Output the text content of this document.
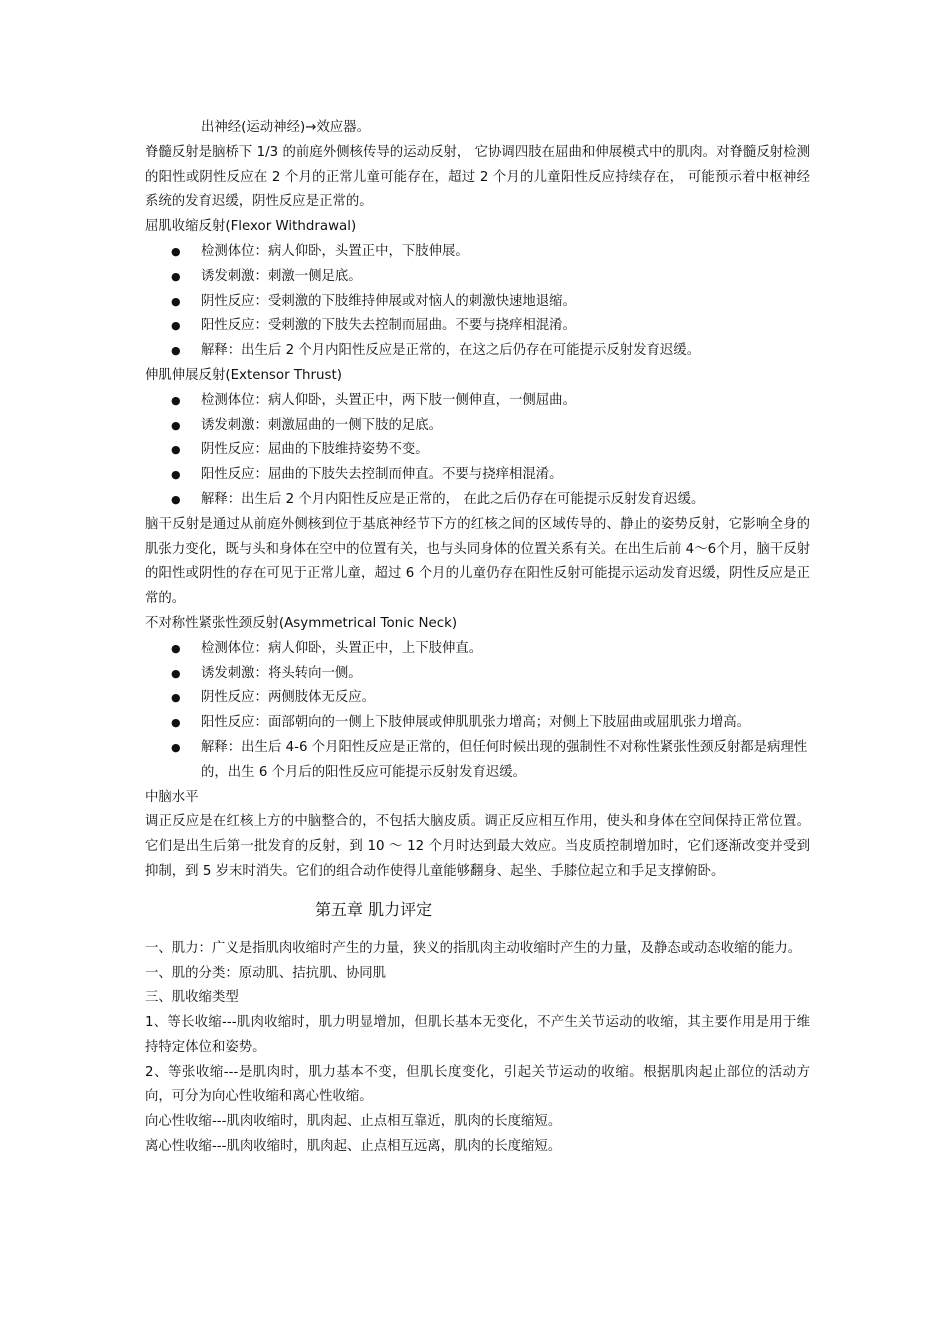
出神经(运动神经)→效应器。

脊髓反射是脑桥下 1/3 的前庭外侧核传导的运动反射， 它协调四肢在屈曲和伸展模式中的肌肉。对脊髓反射检测的阳性或阴性反应在 2 个月的正常儿童可能存在，超过 2 个月的儿童阳性反应持续存在， 可能预示着中枢神经系统的发育迟缓，阴性反应是正常的。

屈肌收缩反射(Flexor Withdrawal)

● 检测体位：病人仰卧，头置正中，下肢伸展。
● 诱发刺激：刺激一侧足底。
● 阴性反应：受刺激的下肢维持伸展或对恼人的刺激快速地退缩。
● 阳性反应：受刺激的下肢失去控制而屈曲。不要与挠痒相混淆。
● 解释：出生后 2 个月内阳性反应是正常的，在这之后仍存在可能提示反射发育迟缓。

伸肌伸展反射(Extensor Thrust)

● 检测体位：病人仰卧，头置正中，两下肢一侧伸直，一侧屈曲。
● 诱发刺激：刺激屈曲的一侧下肢的足底。
● 阴性反应：屈曲的下肢维持姿势不变。
● 阳性反应：屈曲的下肢失去控制而伸直。不要与挠痒相混淆。
● 解释：出生后 2 个月内阳性反应是正常的， 在此之后仍存在可能提示反射发育迟缓。

脑干反射是通过从前庭外侧核到位于基底神经节下方的红核之间的区域传导的、静止的姿势反射，它影响全身的肌张力变化，既与头和身体在空中的位置有关，也与头同身体的位置关系有关。在出生后前 4～6个月，脑干反射的阳性或阴性的存在可见于正常儿童，超过 6 个月的儿童仍存在阳性反射可能提示运动发育迟缓，阴性反应是正常的。

不对称性紧张性颈反射(Asymmetrical Tonic Neck)

● 检测体位：病人仰卧，头置正中，上下肢伸直。
● 诱发刺激：将头转向一侧。
● 阴性反应：两侧肢体无反应。
● 阳性反应：面部朝向的一侧上下肢伸展或伸肌肌张力增高；对侧上下肢屈曲或屈肌张力增高。
● 解释：出生后 4-6 个月阳性反应是正常的，但任何时候出现的强制性不对称性紧张性颈反射都是病理性的，出生 6 个月后的阳性反应可能提示反射发育迟缓。

中脑水平

调正反应是在红核上方的中脑整合的，不包括大脑皮质。调正反应相互作用，使头和身体在空间保持正常位置。它们是出生后第一批发育的反射，到 10 ～ 12 个月时达到最大效应。当皮质控制增加时，它们逐渐改变并受到抑制，到 5 岁末时消失。它们的组合动作使得儿童能够翻身、起坐、手膝位起立和手足支撑俯卧。

第五章 肌力评定

一、肌力：广义是指肌肉收缩时产生的力量，狭义的指肌肉主动收缩时产生的力量，及静态或动态收缩的能力。

一、肌的分类：原动肌、拮抗肌、协同肌

三、肌收缩类型

1、等长收缩---肌肉收缩时，肌力明显增加，但肌长基本无变化，不产生关节运动的收缩，其主要作用是用于维持特定体位和姿势。

2、等张收缩---是肌肉时，肌力基本不变，但肌长度变化，引起关节运动的收缩。根据肌肉起止部位的活动方向，可分为向心性收缩和离心性收缩。

向心性收缩---肌肉收缩时，肌肉起、止点相互靠近，肌肉的长度缩短。

离心性收缩---肌肉收缩时，肌肉起、止点相互远离，肌肉的长度缩短。
